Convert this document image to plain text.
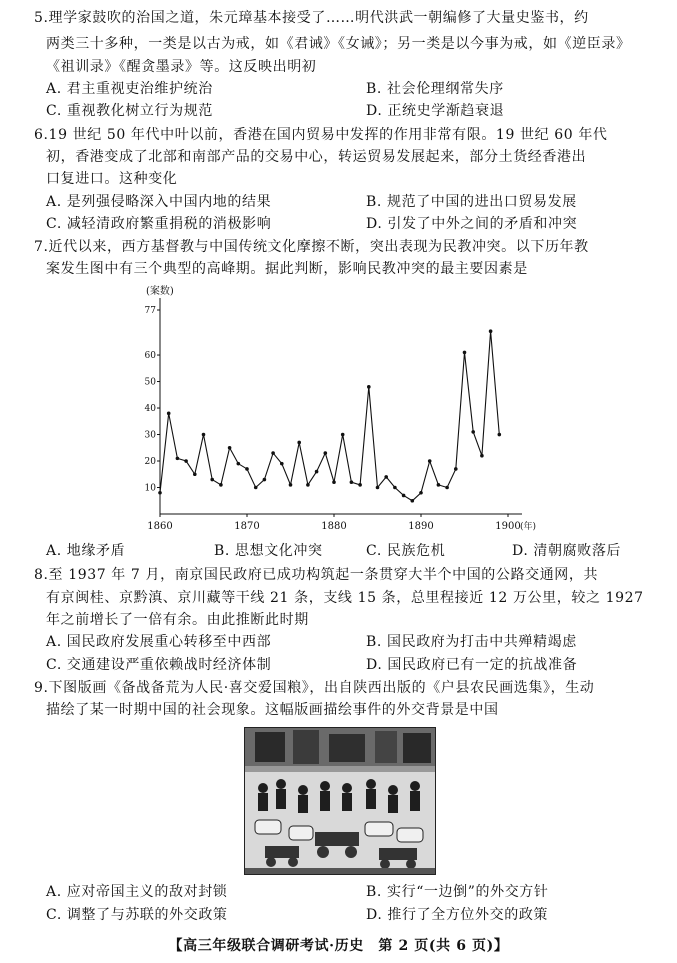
5.理学家鼓吹的治国之道，朱元璋基本接受了……明代洪武一朝编修了大量史鉴书，约
两类三十多种，一类是以古为戒，如《君诫》《女诫》；另一类是以今事为戒，如《逆臣录》
《祖训录》《醒贪墨录》等。这反映出明初
A. 君主重视吏治维护统治	B. 社会伦理纲常失序
C. 重视教化树立行为规范	D. 正统史学渐趋衰退
6.19 世纪 50 年代中叶以前，香港在国内贸易中发挥的作用非常有限。19 世纪 60 年代
初，香港变成了北部和南部产品的交易中心，转运贸易发展起来，部分土货经香港出
口复进口。这种变化
A. 是列强侵略深入中国内地的结果	B. 规范了中国的进出口贸易发展
C. 减轻清政府繁重捐税的消极影响	D. 引发了中外之间的矛盾和冲突
7.近代以来，西方基督教与中国传统文化摩擦不断，突出表现为民教冲突。以下历年教
案发生图中有三个典型的高峰期。据此判断，影响民教冲突的最主要因素是
(案数)
10
20
30
40
50
60
77
1860	1870	1880	1890	1900 (年)
A. 地缘矛盾	B. 思想文化冲突	C. 民族危机	D. 清朝腐败落后
8.至 1937 年 7 月，南京国民政府已成功构筑起一条贯穿大半个中国的公路交通网，共
有京闽桂、京黔滇、京川藏等干线 21 条，支线 15 条，总里程接近 12 万公里，较之 1927
年之前增长了一倍有余。由此推断此时期
A. 国民政府发展重心转移至中西部	B. 国民政府为打击中共殚精竭虑
C. 交通建设严重依赖战时经济体制	D. 国民政府已有一定的抗战准备
9.下图版画《备战备荒为人民·喜交爱国粮》，出自陕西出版的《户县农民画选集》，生动
描绘了某一时期中国的社会现象。这幅版画描绘事件的外交背景是中国
A. 应对帝国主义的敌对封锁	B. 实行“一边倒”的外交方针
C. 调整了与苏联的外交政策	D. 推行了全方位外交的政策
【高三年级联合调研考试·历史　第 2 页(共 6 页)】
